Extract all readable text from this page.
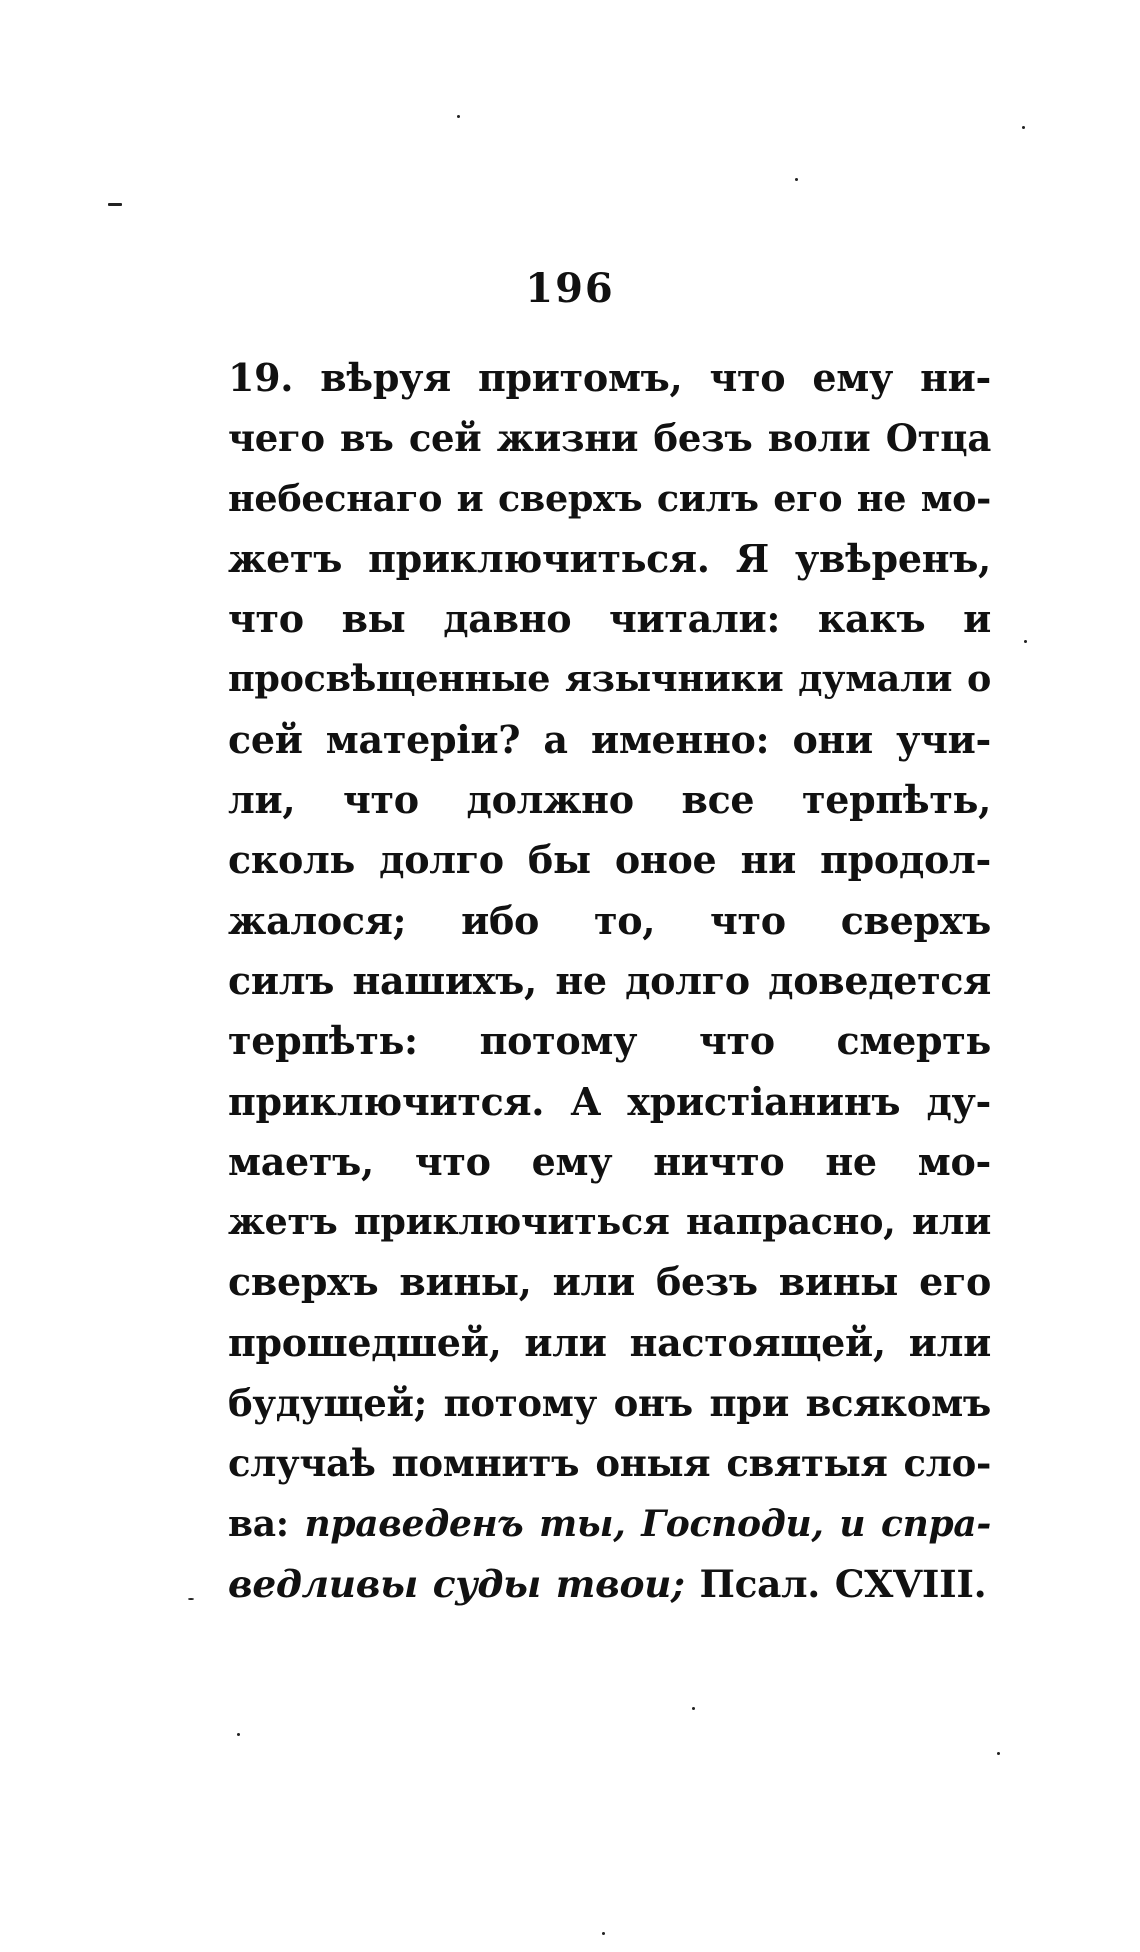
196
19. вѣруя притомъ, что ему ни-
чего въ сей жизни безъ воли Отца
небеснаго и сверхъ силъ его не мо-
жетъ приключиться. Я увѣренъ,
что вы давно читали: какъ и
просвѣщенные язычники думали о
сей матеріи? а именно: они учи-
ли, что должно все терпѣть,
сколь долго бы оное ни продол-
жалося; ибо то, что сверхъ
силъ нашихъ, не долго доведется
терпѣть: потому что смерть
приключится. А христіанинъ ду-
маетъ, что ему ничто не мо-
жетъ приключиться напрасно, или
сверхъ вины, или безъ вины его
прошедшей, или настоящей, или
будущей; потому онъ при всякомъ
случаѣ помнитъ оныя святыя сло-
ва: праведенъ ты, Господи, и спра-
ведливы суды твои; Псал. CXVIII.
